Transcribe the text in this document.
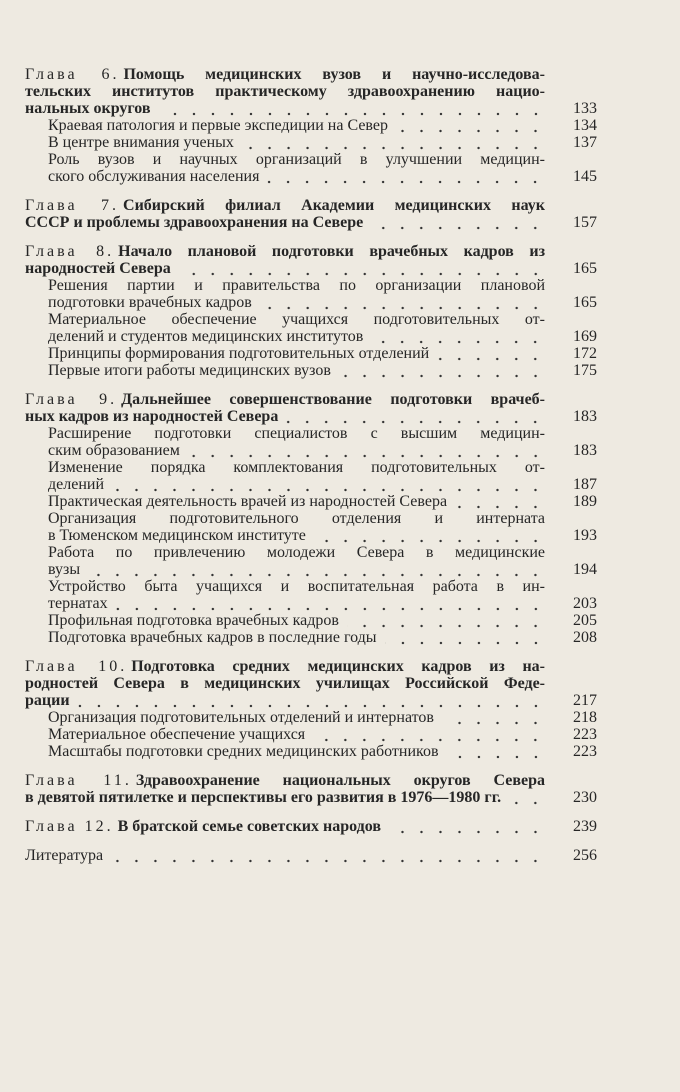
Глава 6. Помощь медицинских вузов и научно-исследова-
тельских институтов практическому здравоохранению нацио-
нальных округов	133
Краевая патология и первые экспедиции на Север	134
В центре внимания ученых	137
Роль вузов и научных организаций в улучшении медицин-
ского обслуживания населения	145
Глава 7. Сибирский филиал Академии медицинских наук
СССР и проблемы здравоохранения на Севере	157
Глава 8. Начало плановой подготовки врачебных кадров из
народностей Севера	165
Решения партии и правительства по организации плановой
подготовки врачебных кадров	165
Материальное обеспечение учащихся подготовительных от-
делений и студентов медицинских институтов	169
Принципы формирования подготовительных отделений	172
Первые итоги работы медицинских вузов	175
Глава 9. Дальнейшее совершенствование подготовки врачеб-
ных кадров из народностей Севера	183
Расширение подготовки специалистов с высшим медицин-
ским образованием	183
Изменение порядка комплектования подготовительных от-
делений	187
Практическая деятельность врачей из народностей Севера	189
Организация подготовительного отделения и интерната
в Тюменском медицинском институте	193
Работа по привлечению молодежи Севера в медицинские
вузы	194
Устройство быта учащихся и воспитательная работа в ин-
тернатах	203
Профильная подготовка врачебных кадров	205
Подготовка врачебных кадров в последние годы	208
Глава 10. Подготовка средних медицинских кадров из на-
родностей Севера в медицинских училищах Российской Феде-
рации	217
Организация подготовительных отделений и интернатов	218
Материальное обеспечение учащихся	223
Масштабы подготовки средних медицинских работников	223
Глава 11. Здравоохранение национальных округов Севера
в девятой пятилетке и перспективы его развития в 1976—1980 гг.	230
Глава 12. В братской семье советских народов	239
Литература	256
